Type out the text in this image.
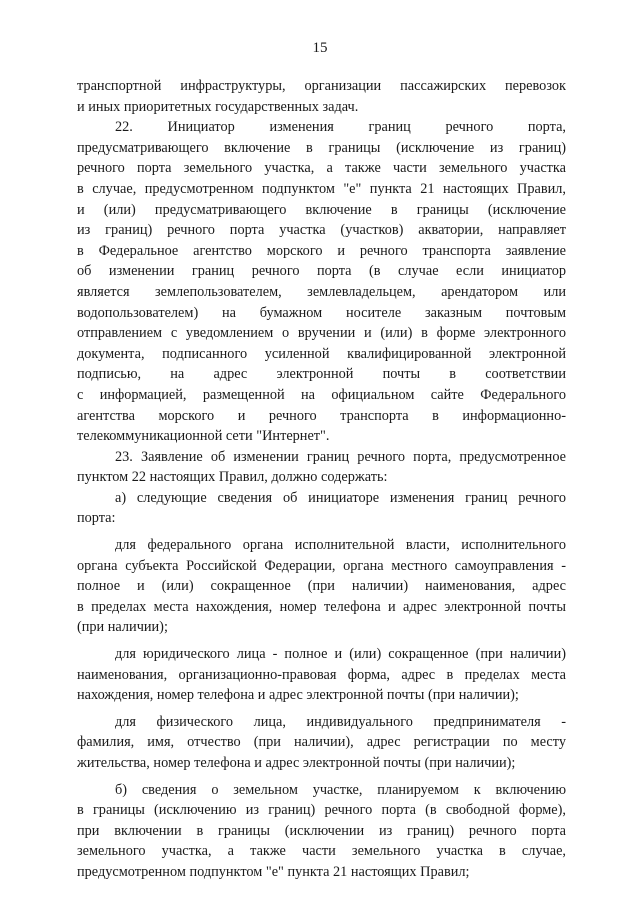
15
транспортной инфраструктуры, организации пассажирских перевозок
и иных приоритетных государственных задач.
22. Инициатор изменения границ речного порта,
предусматривающего включение в границы (исключение из границ)
речного порта земельного участка, а также части земельного участка
в случае, предусмотренном подпунктом "е" пункта 21 настоящих Правил,
и (или) предусматривающего включение в границы (исключение
из границ) речного порта участка (участков) акватории, направляет
в Федеральное агентство морского и речного транспорта заявление
об изменении границ речного порта (в случае если инициатор
является землепользователем, землевладельцем, арендатором или
водопользователем) на бумажном носителе заказным почтовым
отправлением с уведомлением о вручении и (или) в форме электронного
документа, подписанного усиленной квалифицированной электронной
подписью, на адрес электронной почты в соответствии
с информацией, размещенной на официальном сайте Федерального
агентства морского и речного транспорта в информационно-
телекоммуникационной сети "Интернет".
23. Заявление об изменении границ речного порта, предусмотренное
пунктом 22 настоящих Правил, должно содержать:
а) следующие сведения об инициаторе изменения границ речного
порта:
для федерального органа исполнительной власти, исполнительного
органа субъекта Российской Федерации, органа местного самоуправления -
полное и (или) сокращенное (при наличии) наименования, адрес
в пределах места нахождения, номер телефона и адрес электронной почты
(при наличии);
для юридического лица - полное и (или) сокращенное (при наличии)
наименования, организационно-правовая форма, адрес в пределах места
нахождения, номер телефона и адрес электронной почты (при наличии);
для физического лица, индивидуального предпринимателя -
фамилия, имя, отчество (при наличии), адрес регистрации по месту
жительства, номер телефона и адрес электронной почты (при наличии);
б) сведения о земельном участке, планируемом к включению
в границы (исключению из границ) речного порта (в свободной форме),
при включении в границы (исключении из границ) речного порта
земельного участка, а также части земельного участка в случае,
предусмотренном подпунктом "е" пункта 21 настоящих Правил;
